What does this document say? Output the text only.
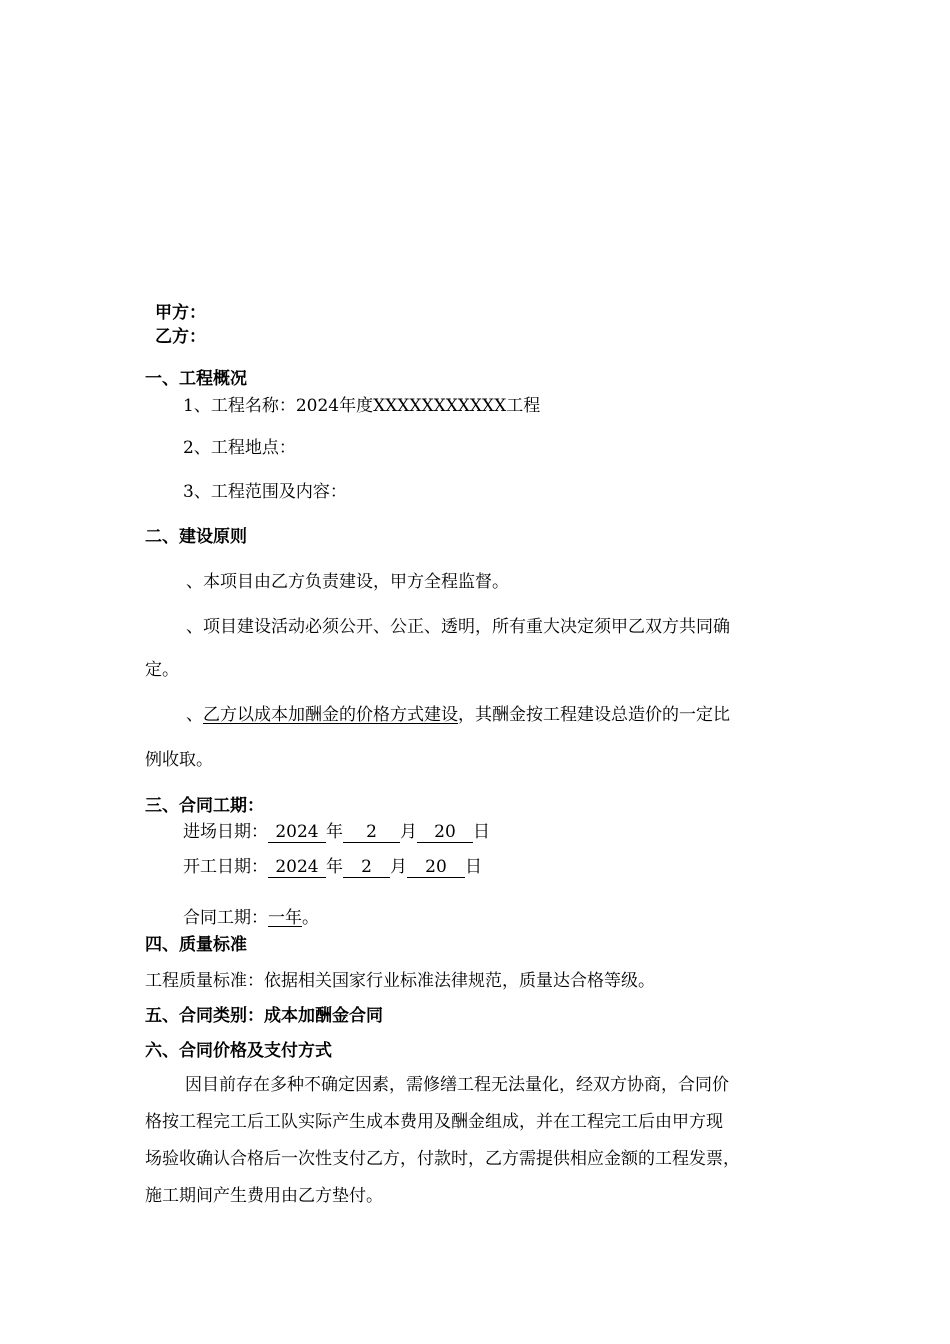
甲方：
乙方：
一、工程概况
1、工程名称：2024年度XXXXXXXXXXX工程
2、工程地点：
3、工程范围及内容：
二、建设原则
、本项目由乙方负责建设，甲方全程监督。
、项目建设活动必须公开、公正、透明，所有重大决定须甲乙双方共同确
定。
、乙方以成本加酬金的价格方式建设，其酬金按工程建设总造价的一定比
例收取。
三、合同工期：
进场日期： 2024 年 2 月 20 日
开工日期： 2024 年 2 月 20 日
合同工期：一年。
四、质量标准
工程质量标准：依据相关国家行业标准法律规范，质量达合格等级。
五、合同类别：成本加酬金合同
六、合同价格及支付方式
因目前存在多种不确定因素，需修缮工程无法量化，经双方协商，合同价
格按工程完工后工队实际产生成本费用及酬金组成，并在工程完工后由甲方现
场验收确认合格后一次性支付乙方，付款时，乙方需提供相应金额的工程发票，
施工期间产生费用由乙方垫付。
